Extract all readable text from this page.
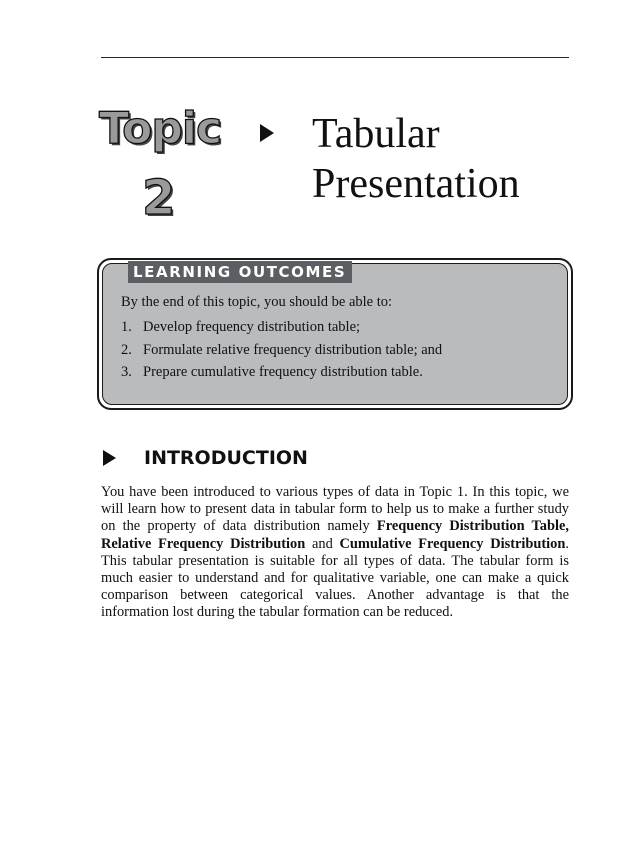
Topic
2
Tabular
Presentation
LEARNING OUTCOMES
By the end of this topic, you should be able to:
1. Develop frequency distribution table;
2. Formulate relative frequency distribution table; and
3. Prepare cumulative frequency distribution table.
INTRODUCTION

You have been introduced to various types of data in Topic 1. In this topic, we will learn how to present data in tabular form to help us to make a further study on the property of data distribution namely Frequency Distribution Table, Relative Frequency Distribution and Cumulative Frequency Distribution. This tabular presentation is suitable for all types of data. The tabular form is much easier to understand and for qualitative variable, one can make a quick comparison between categorical values. Another advantage is that the information lost during the tabular formation can be reduced.
